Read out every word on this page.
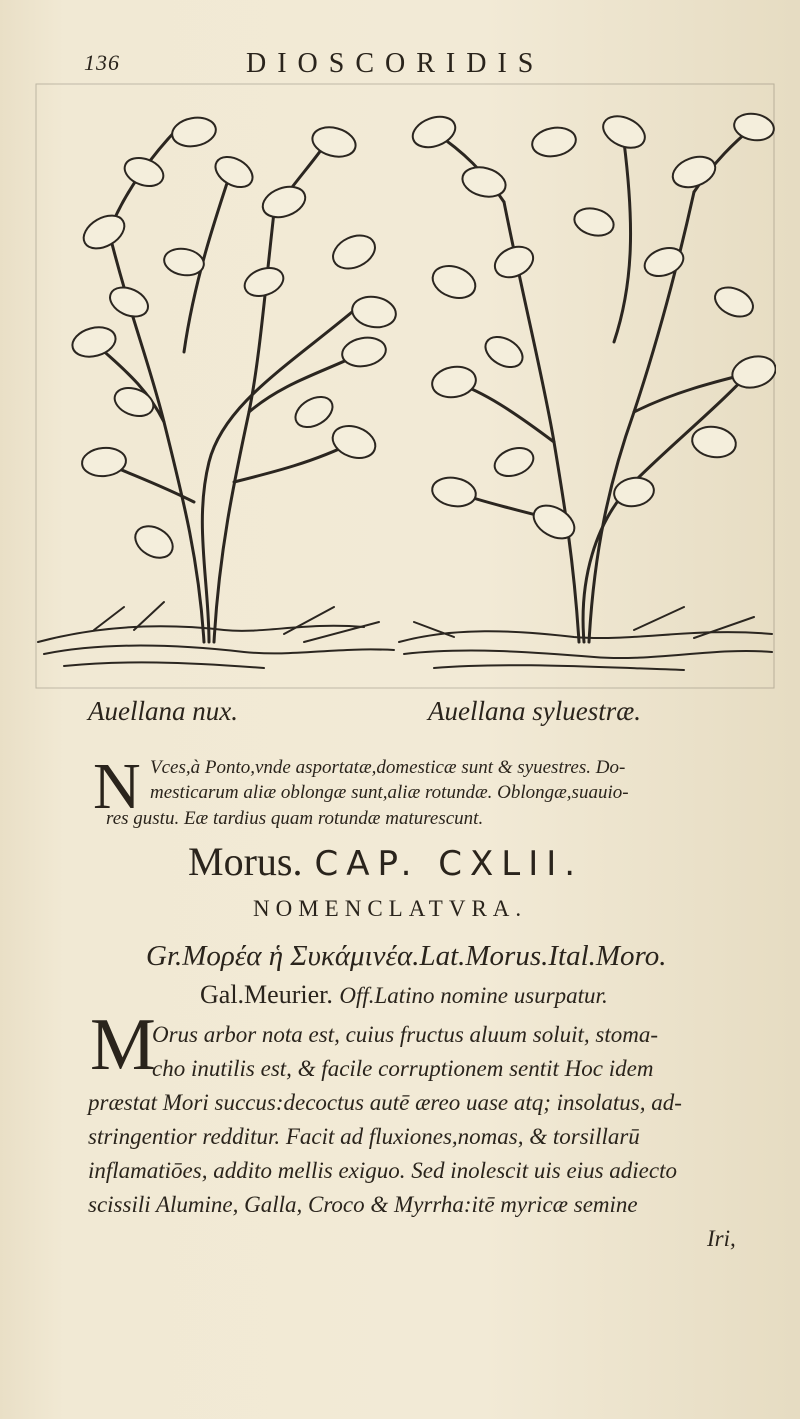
136	DIOSCORIDIS
Auellana nux.	Auellana syluestræ.
N Vces,à Ponto,vnde asportatæ,domesticæ sunt & syuestres. Do-
mesticarum aliæ oblongæ sunt,aliæ rotundæ. Oblongæ,suauio-
res gustu. Eæ tardius quam rotundæ maturescunt.
Morus. CAP. CXLII.
NOMENCLATVRA.
Gr.Μορέα ἡ Συκάμινέα.Lat.Morus.Ital.Moro.
Gal.Meurier. Off.Latino nomine usurpatur.
M
Orus arbor nota est, cuius fructus aluum soluit, stoma-
cho inutilis est, & facile corruptionem sentit Hoc idem
præstat Mori succus:decoctus autē æreo uase atq; insolatus, ad-
stringentior redditur. Facit ad fluxiones,nomas, & torsillarū
inflamatiōes, addito mellis exiguo. Sed inolescit uis eius adiecto
scissili Alumine, Galla, Croco & Myrrha:itē myricæ semine
Iri,
